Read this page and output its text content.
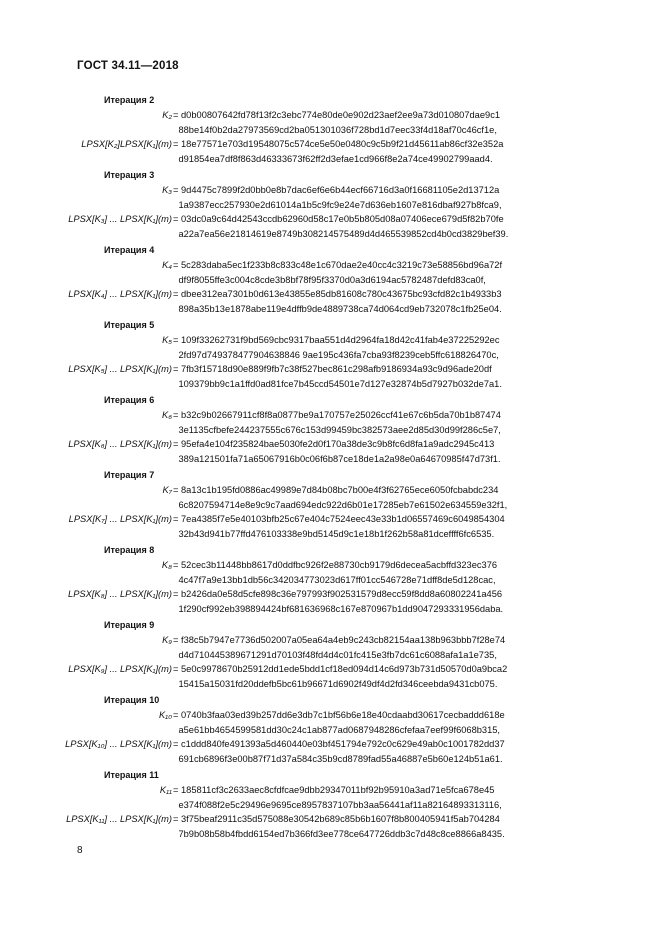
ГОСТ 34.11—2018
Итерация 2
K₂ = d0b00807642fd78f13f2c3ebc774e80de0e902d23aef2ee9a73d010807dae9c1
88be14f0b2da27973569cd2ba051301036f728bd1d7eec33f4d18af70c46cf1e,
LPSX[K₂]LPSX[K₁](m) = 18e77571e703d19548075c574ce5e50e0480c9c5b9f21d45611ab86cf32e352a
d91854ea7df8f863d46333673f62ff2d3efae1cd966f8e2a74ce49902799aad4.
Итерация 3
K₃ = 9d4475c7899f2d0bb0e8b7dac6ef6e6b44ecf66716d3a0f16681105e2d13712a
1a9387ecc257930e2d61014a1b5c9fc9e24e7d636eb1607e816dbaf927b8fca9,
LPSX[K₃] ... LPSX[K₁](m) = 03dc0a9c64d42543ccdb62960d58c17e0b5b805d08a07406ece679d5f82b70fe
a22a7ea56e21814619e8749b308214575489d4d465539852cd4b0cd3829bef39.
Итерация 4
K₄ = 5c283daba5ec1f233b8c833c48e1c670dae2e40cc4c3219c73e58856bd96a72f
df9f8055ffe3c004c8cde3b8bf78f95f3370d0a3d6194ac5782487defd83ca0f,
LPSX[K₄] ... LPSX[K₁](m) = dbee312ea7301b0d613e43855e85db81608c780c43675bc93cfd82c1b4933b3
898a35b13e1878abe119e4dffb9de4889738ca74d064cd9eb732078c1fb25e04.
Итерация 5
K₅ = 109f33262731f9bd569cbc9317baa551d4d2964fa18d42c41fab4e37225292ec
2fd97d749378477904638846 9ae195c436fa7cba93f8239ceb5ffc618826470c,
LPSX[K₅] ... LPSX[K₁](m) = 7fb3f15718d90e889f9fb7c38f527bec861c298afb9186934a93c9d96ade20df
109379bb9c1a1ffd0ad81fce7b45ccd54501e7d127e32874b5d7927b032de7a1.
Итерация 6
K₆ = b32c9b02667911cf8f8a0877be9a170757e25026ccf41e67c6b5da70b1b87474
3e1135cfbefe244237555c676c153d99459bc382573aee2d85d30d99f286c5e7,
LPSX[K₆] ... LPSX[K₁](m) = 95efa4e104f235824bae5030fe2d0f170a38de3c9b8fc6d8fa1a9adc2945c413
389a121501fa71a65067916b0c06f6b87ce18de1a2a98e0a64670985f47d73f1.
Итерация 7
K₇ = 8a13c1b195fd0886ac49989e7d84b08bc7b00e4f3f62765ece6050fcbabdc234
6c8207594714e8e9c9c7aad694edc922d6b01e17285eb7e61502e634559e32f1,
LPSX[K₇] ... LPSX[K₁](m) = 7ea4385f7e5e40103bfb25c67e404c7524eec43e33b1d06557469c6049854304
32b43d941b77ffd476103338e9bd5145d9c1e18b1f262b58a81dceffff6fc6535.
Итерация 8
K₈ = 52cec3b11448bb8617d0ddfbc926f2e88730cb9179d6decea5acbffd323ec376
4c47f7a9e13bb1db56c342034773023d617ff01cc546728e71dff8de5d128cac,
LPSX[K₈] ... LPSX[K₁](m) = b2426da0e58d5cfe898c36e797993f902531579d8ecc59f8dd8a60802241a456
1f290cf992eb398894424bf681636968c167e870967b1dd9047293331956daba.
Итерация 9
K₉ = f38c5b7947e7736d502007a05ea64a4eb9c243cb82154aa138b963bbb7f28e74
d4d710445389671291d70103f48fd4d4c01fc415e3fb7dc61c6088afa1a1e735,
LPSX[K₉] ... LPSX[K₁](m) = 5e0c9978670b25912dd1ede5bdd1cf18ed094d14c6d973b731d50570d0a9bca2
15415a15031fd20ddefb5bc61b96671d6902f49df4d2fd346ceebda9431cb075.
Итерация 10
K₁₀ = 0740b3faa03ed39b257dd6e3db7c1bf56b6e18e40cdaabd30617cecbaddd618e
a5e61bb4654599581dd30c24c1ab877ad0687948286cfefaa7eef99f6068b315,
LPSX[K₁₀] ... LPSX[K₁](m) = c1ddd840fe491393a5d460440e03bf451794e792c0c629e49ab0c1001782dd37
691cb6896f3e00b87f71d37a584c35b9cd8789fad55a46887e5b60e124b51a61.
Итерация 11
K₁₁ = 185811cf3c2633aec8cfdfcae9dbb29347011bf92b95910a3ad71e5fca678e45
e374f088f2e5c29496e9695ce8957837107bb3aa56441af11a82164893313116,
LPSX[K₁₁] ... LPSX[K₁](m) = 3f75beaf2911c35d575088e30542b689c85b6b1607f8b800405941f5ab704284
7b9b08b58b4fbdd6154ed7b366fd3ee778ce647726ddb3c7d48c8ce8866a8435.
8
